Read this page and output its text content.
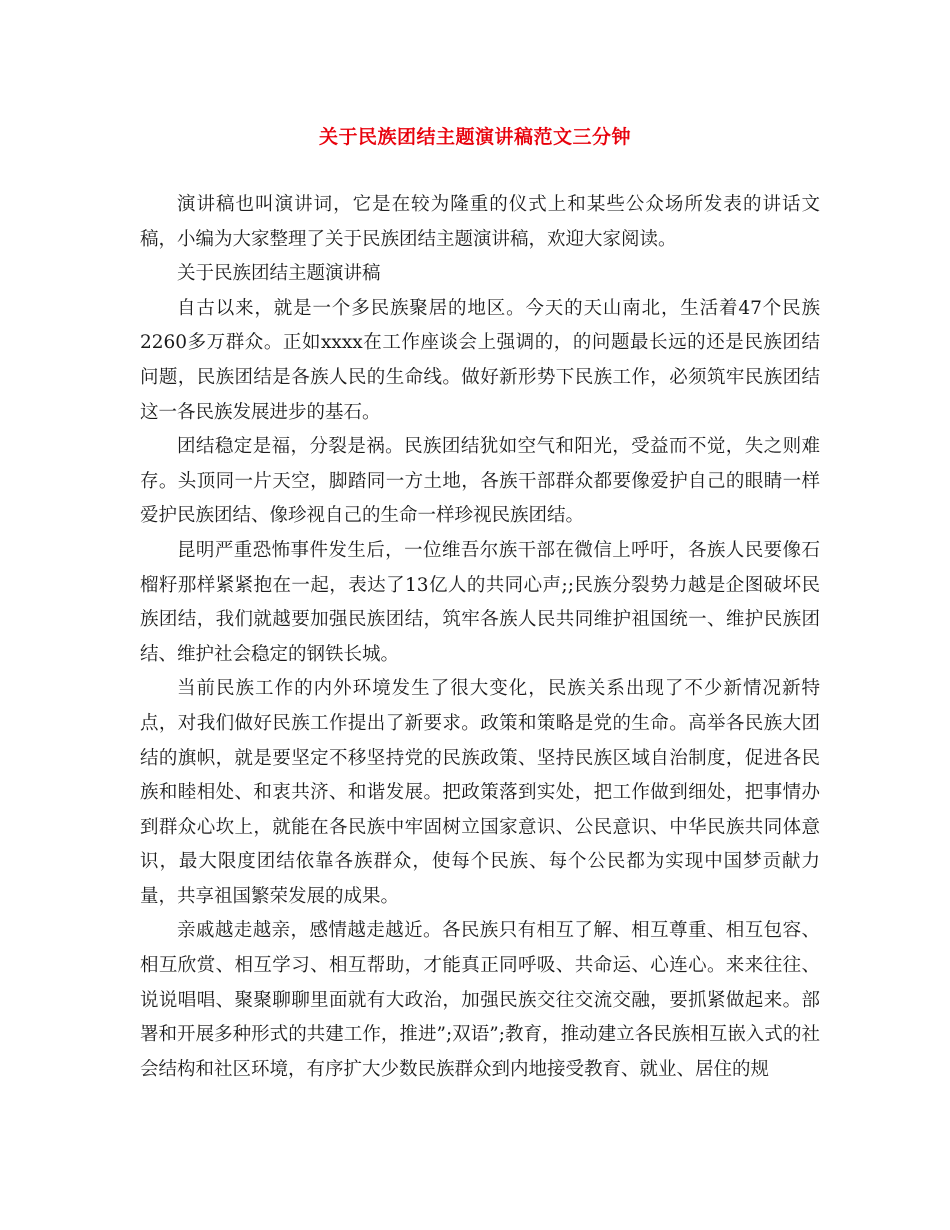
关于民族团结主题演讲稿范文三分钟

演讲稿也叫演讲词，它是在较为隆重的仪式上和某些公众场所发表的讲话文稿，小编为大家整理了关于民族团结主题演讲稿，欢迎大家阅读。

关于民族团结主题演讲稿

自古以来，就是一个多民族聚居的地区。今天的天山南北，生活着47个民族2260多万群众。正如xxxx在工作座谈会上强调的，的问题最长远的还是民族团结问题，民族团结是各族人民的生命线。做好新形势下民族工作，必须筑牢民族团结这一各民族发展进步的基石。

团结稳定是福，分裂是祸。民族团结犹如空气和阳光，受益而不觉，失之则难存。头顶同一片天空，脚踏同一方土地，各族干部群众都要像爱护自己的眼睛一样爱护民族团结、像珍视自己的生命一样珍视民族团结。

昆明严重恐怖事件发生后，一位维吾尔族干部在微信上呼吁，各族人民要像石榴籽那样紧紧抱在一起，表达了13亿人的共同心声;;民族分裂势力越是企图破坏民族团结，我们就越要加强民族团结，筑牢各族人民共同维护祖国统一、维护民族团结、维护社会稳定的钢铁长城。

当前民族工作的内外环境发生了很大变化，民族关系出现了不少新情况新特点，对我们做好民族工作提出了新要求。政策和策略是党的生命。高举各民族大团结的旗帜，就是要坚定不移坚持党的民族政策、坚持民族区域自治制度，促进各民族和睦相处、和衷共济、和谐发展。把政策落到实处，把工作做到细处，把事情办到群众心坎上，就能在各民族中牢固树立国家意识、公民意识、中华民族共同体意识，最大限度团结依靠各族群众，使每个民族、每个公民都为实现中国梦贡献力量，共享祖国繁荣发展的成果。

亲戚越走越亲，感情越走越近。各民族只有相互了解、相互尊重、相互包容、相互欣赏、相互学习、相互帮助，才能真正同呼吸、共命运、心连心。来来往往、说说唱唱、聚聚聊聊里面就有大政治，加强民族交往交流交融，要抓紧做起来。部署和开展多种形式的共建工作，推进”;双语”;教育，推动建立各民族相互嵌入式的社会结构和社区环境，有序扩大少数民族群众到内地接受教育、就业、居住的规
